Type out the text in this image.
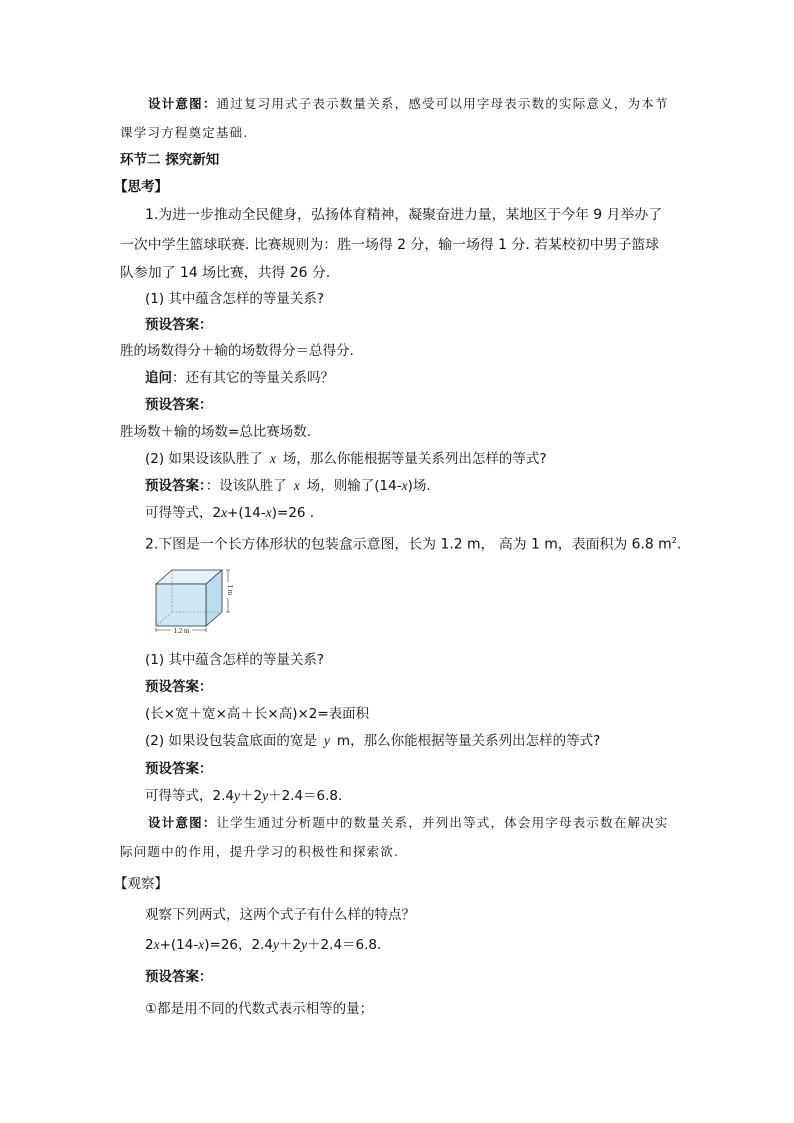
设计意图：通过复习用式子表示数量关系，感受可以用字母表示数的实际意义，为本节
课学习方程奠定基础.
环节二 探究新知
【思考】
1.为进一步推动全民健身，弘扬体育精神，凝聚奋进力量，某地区于今年 9 月举办了
一次中学生篮球联赛. 比赛规则为：胜一场得 2 分，输一场得 1 分. 若某校初中男子篮球
队参加了 14 场比赛，共得 26 分.
(1) 其中蕴含怎样的等量关系?
预设答案：
胜的场数得分＋输的场数得分＝总得分.
追问：还有其它的等量关系吗？
预设答案：
胜场数＋输的场数=总比赛场数.
(2) 如果设该队胜了 x 场，那么你能根据等量关系列出怎样的等式?
预设答案：：设该队胜了 x 场，则输了(14-x)场.
可得等式，2x+(14-x)=26 .
2.下图是一个长方体形状的包装盒示意图，长为 1.2 m， 高为 1 m，表面积为 6.8 $m^2$.
1.2 m
1 m
(1) 其中蕴含怎样的等量关系?
预设答案：
(长×宽＋宽×高＋长×高)×2=表面积
(2) 如果设包装盒底面的宽是 y m，那么你能根据等量关系列出怎样的等式?
预设答案：
可得等式，2.4y＋2y＋2.4＝6.8.
设计意图：让学生通过分析题中的数量关系，并列出等式，体会用字母表示数在解决实
际问题中的作用，提升学习的积极性和探索欲.
【观察】
观察下列两式，这两个式子有什么样的特点？
2x+(14-x)=26，2.4y＋2y＋2.4＝6.8.
预设答案：
①都是用不同的代数式表示相等的量；
